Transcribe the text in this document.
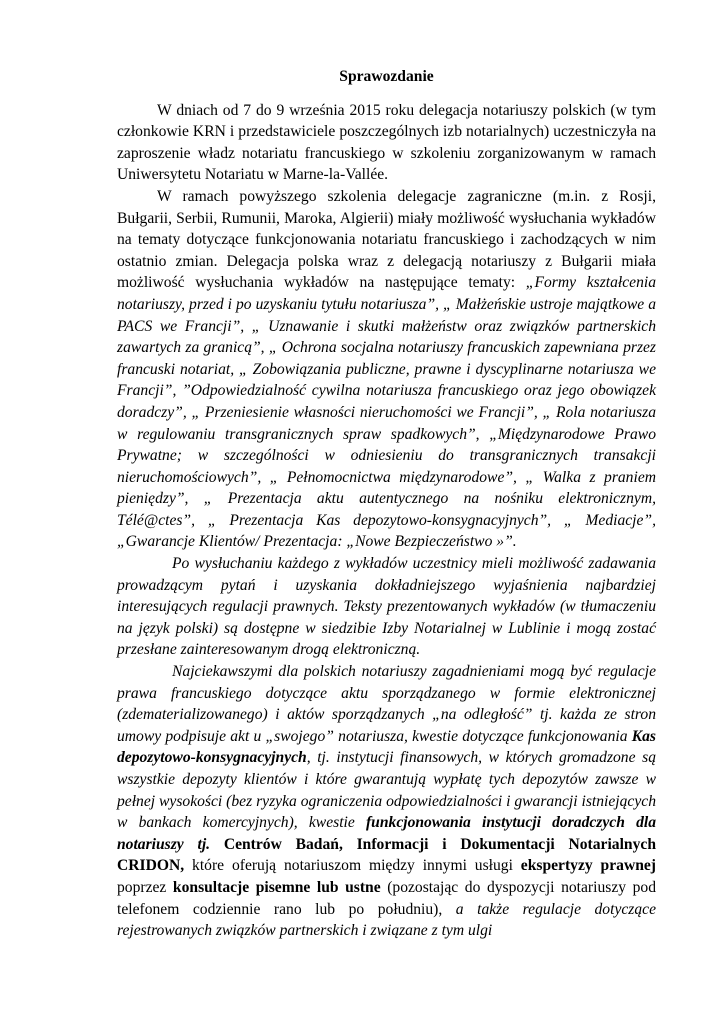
Sprawozdanie

W dniach od 7 do 9 września 2015 roku delegacja notariuszy polskich (w tym członkowie KRN i przedstawiciele poszczególnych izb notarialnych) uczestniczyła na zaproszenie władz notariatu francuskiego w szkoleniu zorganizowanym w ramach Uniwersytetu Notariatu w Marne-la-Vallée.

W ramach powyższego szkolenia delegacje zagraniczne (m.in. z Rosji, Bułgarii, Serbii, Rumunii, Maroka, Algierii) miały możliwość wysłuchania wykładów na tematy dotyczące funkcjonowania notariatu francuskiego i zachodzących w nim ostatnio zmian. Delegacja polska wraz z delegacją notariuszy z Bułgarii miała możliwość wysłuchania wykładów na następujące tematy: „Formy kształcenia notariuszy, przed i po uzyskaniu tytułu notariusza”, „ Małżeńskie ustroje majątkowe a PACS we Francji”, „ Uznawanie i skutki małżeństw oraz związków partnerskich zawartych za granicą”, „ Ochrona socjalna notariuszy francuskich zapewniana przez francuski notariat, „ Zobowiązania publiczne, prawne i dyscyplinarne notariusza we Francji”, ”Odpowiedzialność cywilna notariusza francuskiego oraz jego obowiązek doradczy”, „ Przeniesienie własności nieruchomości we Francji”, „ Rola notariusza w regulowaniu transgranicznych spraw spadkowych”, „Międzynarodowe Prawo Prywatne; w szczególności w odniesieniu do transgranicznych transakcji nieruchomościowych”, „ Pełnomocnictwa międzynarodowe”, „ Walka z praniem pieniędzy”, „ Prezentacja aktu autentycznego na nośniku elektronicznym, Télé@ctes”, „ Prezentacja Kas depozytowo-konsygnacyjnych”, „ Mediacje”, „Gwarancje Klientów/ Prezentacja: „Nowe Bezpieczeństwo »”.

Po wysłuchaniu każdego z wykładów uczestnicy mieli możliwość zadawania prowadzącym pytań i uzyskania dokładniejszego wyjaśnienia najbardziej interesujących regulacji prawnych. Teksty prezentowanych wykładów (w tłumaczeniu na język polski) są dostępne w siedzibie Izby Notarialnej w Lublinie i mogą zostać przesłane zainteresowanym drogą elektroniczną.

Najciekawszymi dla polskich notariuszy zagadnieniami mogą być regulacje prawa francuskiego dotyczące aktu sporządzanego w formie elektronicznej (zdematerializowanego) i aktów sporządzanych „na odległość” tj. każda ze stron umowy podpisuje akt u „swojego” notariusza, kwestie dotyczące funkcjonowania Kas depozytowo-konsygnacyjnych, tj. instytucji finansowych, w których gromadzone są wszystkie depozyty klientów i które gwarantują wypłatę tych depozytów zawsze w pełnej wysokości (bez ryzyka ograniczenia odpowiedzialności i gwarancji istniejących w bankach komercyjnych), kwestie funkcjonowania instytucji doradczych dla notariuszy tj. Centrów Badań, Informacji i Dokumentacji Notarialnych CRIDON, które oferują notariuszom między innymi usługi ekspertyzy prawnej poprzez konsultacje pisemne lub ustne (pozostając do dyspozycji notariuszy pod telefonem codziennie rano lub po południu), a także regulacje dotyczące rejestrowanych związków partnerskich i związane z tym ulgi
